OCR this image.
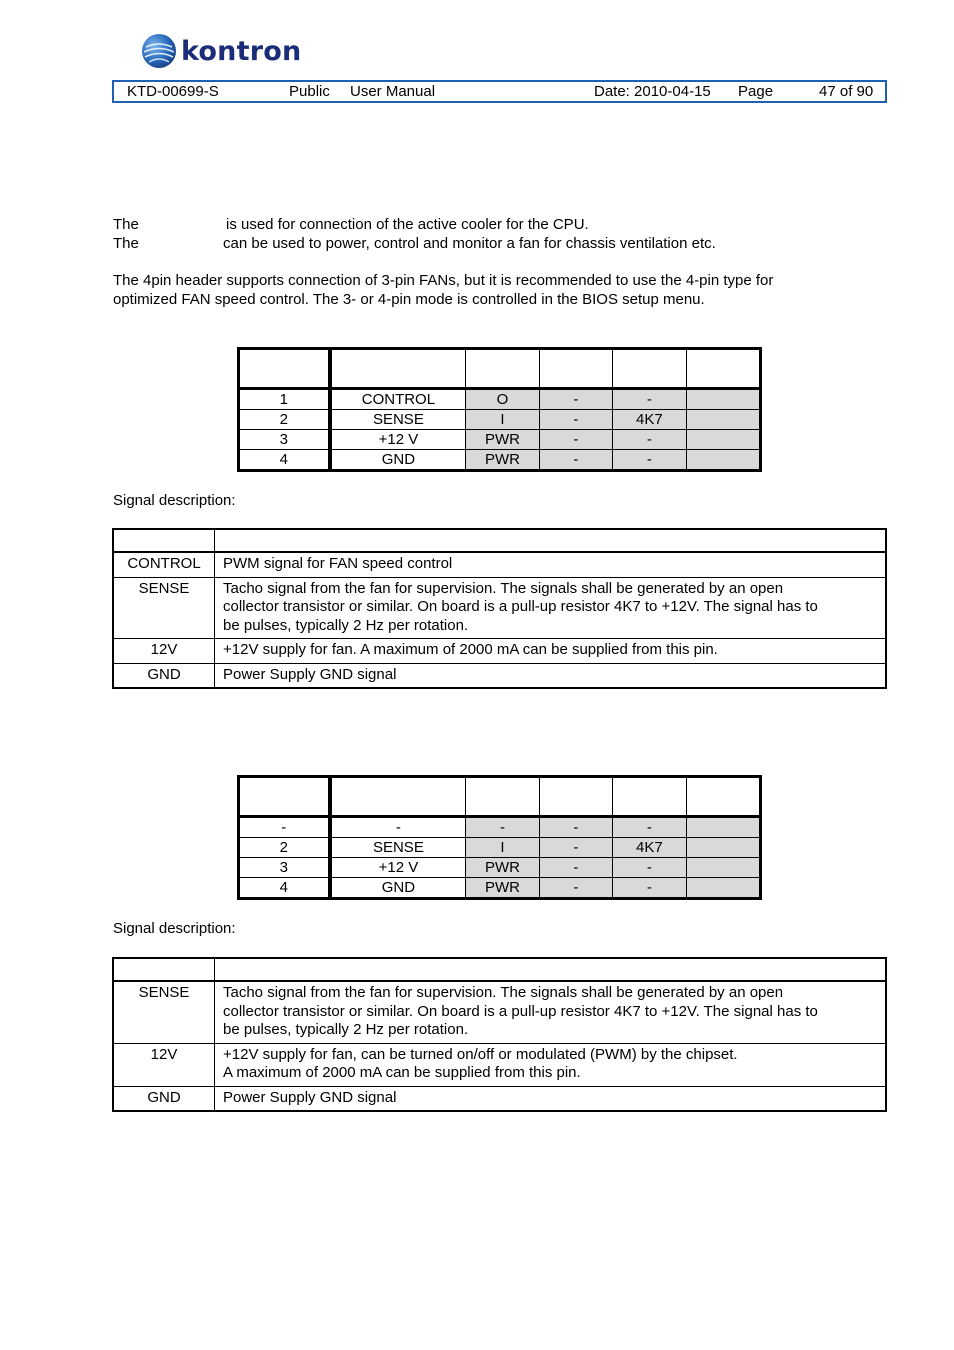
kontron
KTD-00699-S	Public User Manual	Date: 2010-04-15 Page	47 of 90
The	is used for connection of the active cooler for the CPU.
The	can be used to power, control and monitor a fan for chassis ventilation etc.
The 4pin header supports connection of 3-pin FANs, but it is recommended to use the 4-pin type for
optimized FAN speed control. The 3- or 4-pin mode is controlled in the BIOS setup menu.

1	CONTROL	O	-	-	
2	SENSE	I	-	4K7	
3	+12 V	PWR	-	-	
4	GND	PWR	-	-	
Signal description:

CONTROL	PWM signal for FAN speed control

SENSE	Tacho signal from the fan for supervision. The signals shall be generated by an open
collector transistor or similar. On board is a pull-up resistor 4K7 to +12V. The signal has to
be pulses, typically 2 Hz per rotation.

12V	+12V supply for fan. A maximum of 2000 mA can be supplied from this pin.

GND	Power Supply GND signal

-	-	-	-	-	
2	SENSE	I	-	4K7	
3	+12 V	PWR	-	-	
4	GND	PWR	-	-	
Signal description:

SENSE	Tacho signal from the fan for supervision. The signals shall be generated by an open
collector transistor or similar. On board is a pull-up resistor 4K7 to +12V. The signal has to
be pulses, typically 2 Hz per rotation.

12V	+12V supply for fan, can be turned on/off or modulated (PWM) by the chipset.
A maximum of 2000 mA can be supplied from this pin.

GND	Power Supply GND signal
